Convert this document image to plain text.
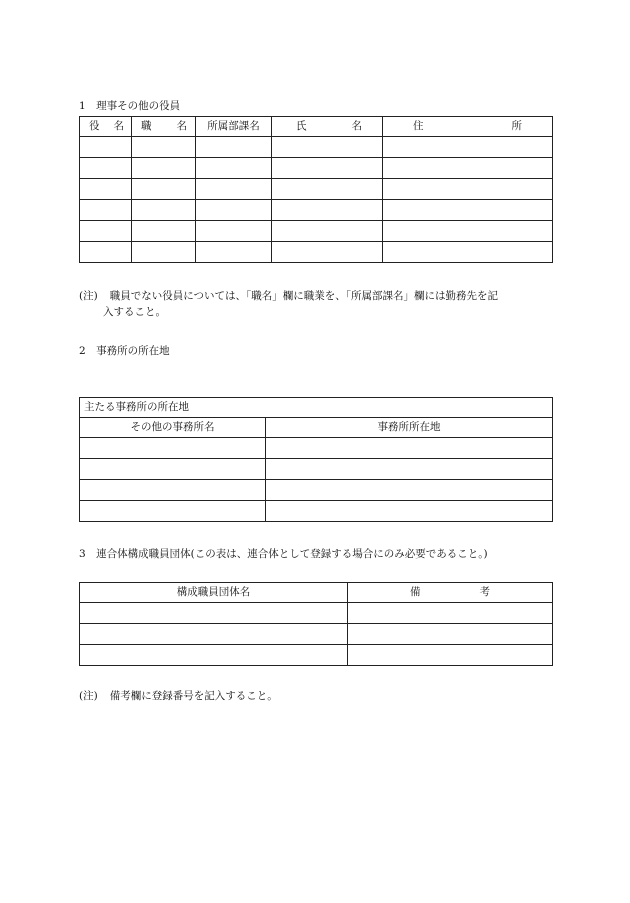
1　理事その他の役員
役 名	職 名	所属部課名	氏 名	住 所

(注) 職員でない役員については、「職名」欄に職業を、「所属部課名」欄には勤務先を記
入すること。
2　事務所の所在地
主たる事務所の所在地	
その他の事務所名	事務所所在地

3　連合体構成職員団体(この表は、連合体として登録する場合にのみ必要であること。)
構成職員団体名	備 考

(注) 備考欄に登録番号を記入すること。
